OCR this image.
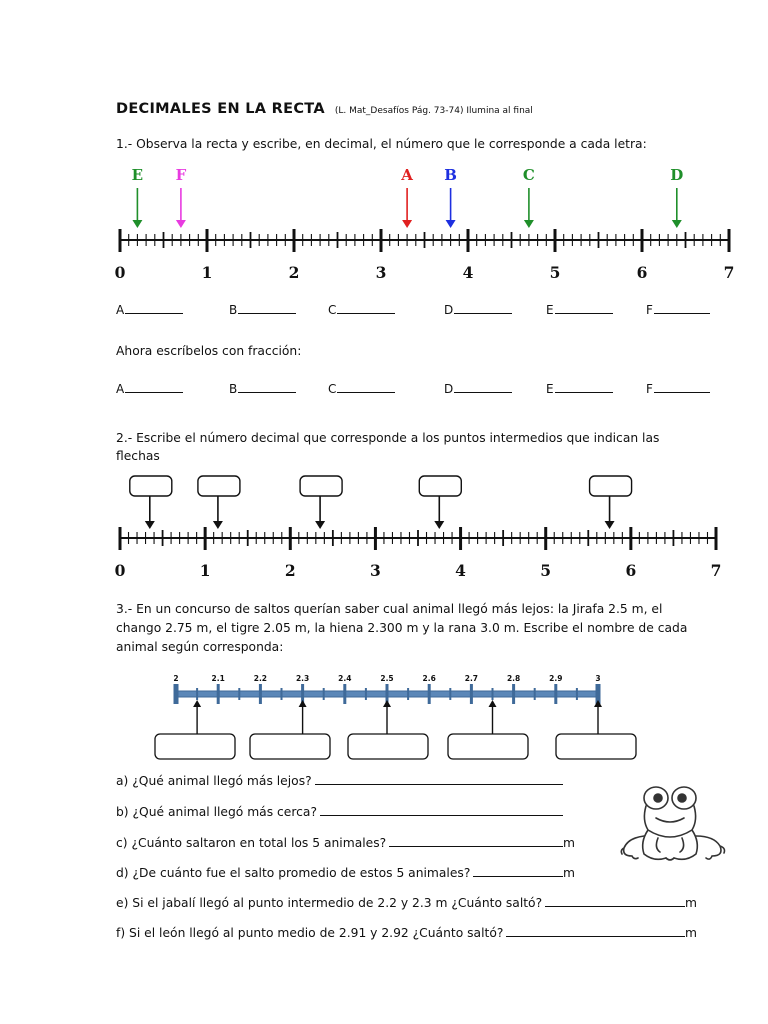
DECIMALES EN LA RECTA (L. Mat_Desafíos Pág. 73-74) Ilumina al final
1.- Observa la recta y escribe, en decimal, el número que le corresponde a cada letra:
E F	A B	C	D
0	1	2	3	4	5	6	7
A	B	C	D	E	F
Ahora escríbelos con fracción:
A	B	C	D	E	F
2.- Escribe el número decimal que corresponde a los puntos intermedios que indican las
flechas
0	1	2	3	4	5	6	7
3.- En un concurso de saltos querían saber cual animal llegó más lejos: la Jirafa 2.5 m, el
chango 2.75 m, el tigre 2.05 m, la hiena 2.300 m y la rana 3.0 m. Escribe el nombre de cada
animal según corresponda:
2	2.1	2.2	2.3	2.4	2.5	2.6	2.7	2.8	2.9	3
a) ¿Qué animal llegó más lejos?
b) ¿Qué animal llegó más cerca?
c) ¿Cuánto saltaron en total los 5 animales?	m
d) ¿De cuánto fue el salto promedio de estos 5 animales?	m
e) Si el jabalí llegó al punto intermedio de 2.2 y 2.3 m ¿Cuánto saltó?	m
f) Si el león llegó al punto medio de 2.91 y 2.92 ¿Cuánto saltó?	m
